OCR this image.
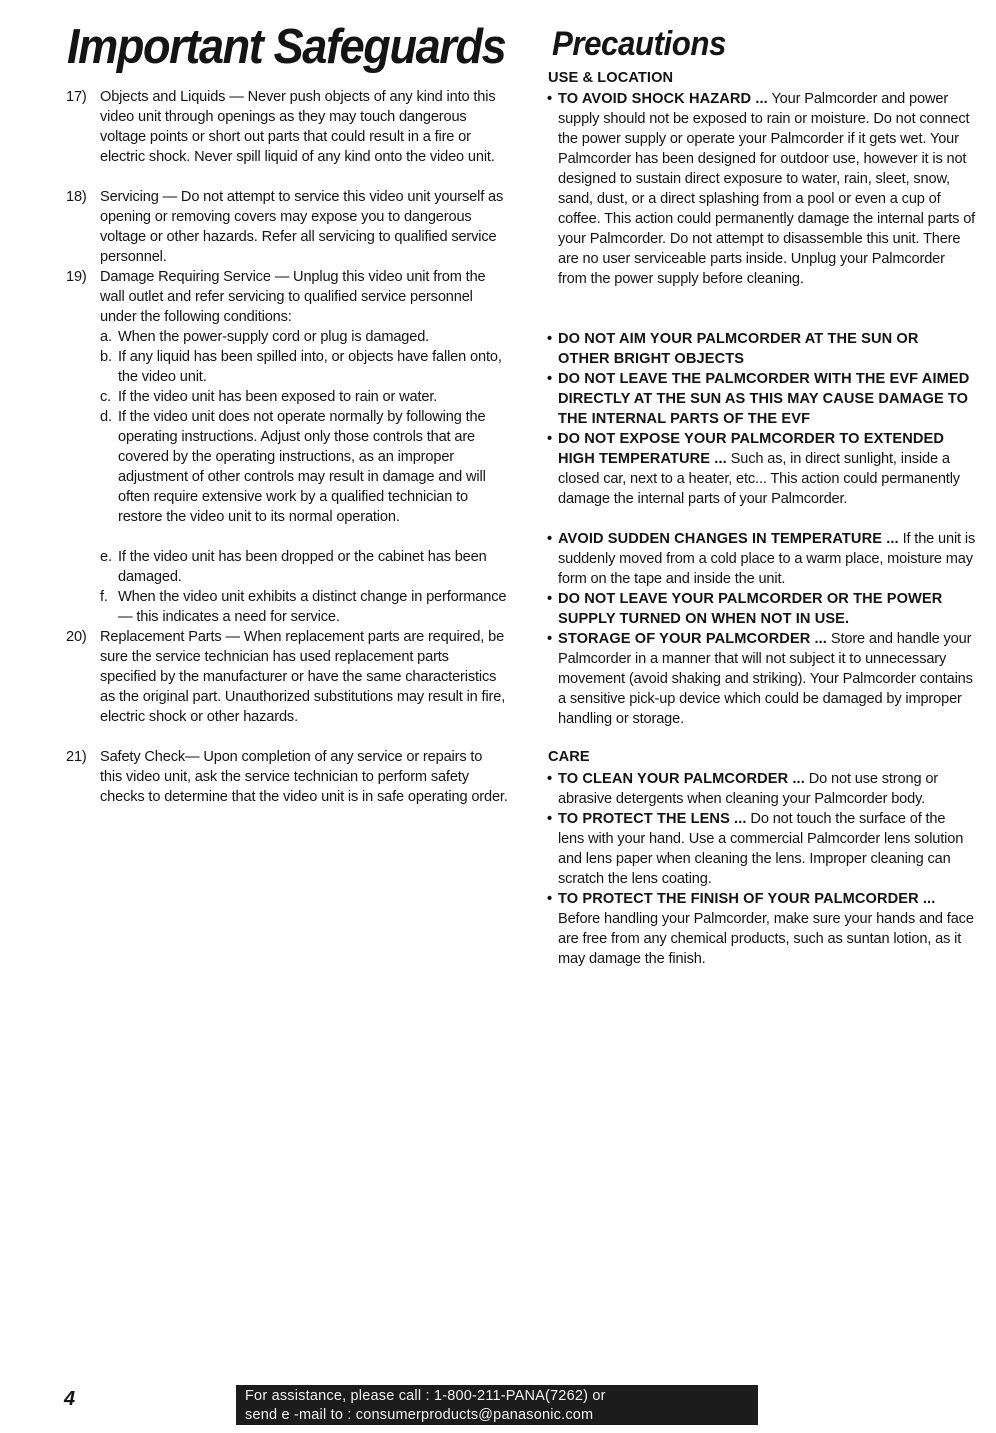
Important Safeguards
17) Objects and Liquids — Never push objects of any kind into this video unit through openings as they may touch dangerous voltage points or short out parts that could result in a fire or electric shock. Never spill liquid of any kind onto the video unit.
18) Servicing — Do not attempt to service this video unit yourself as opening or removing covers may expose you to dangerous voltage or other hazards. Refer all servicing to qualified service personnel.
19) Damage Requiring Service — Unplug this video unit from the wall outlet and refer servicing to qualified service personnel under the following conditions:
a. When the power-supply cord or plug is damaged.
b. If any liquid has been spilled into, or objects have fallen onto, the video unit.
c. If the video unit has been exposed to rain or water.
d. If the video unit does not operate normally by following the operating instructions. Adjust only those controls that are covered by the operating instructions, as an improper adjustment of other controls may result in damage and will often require extensive work by a qualified technician to restore the video unit to its normal operation.
e. If the video unit has been dropped or the cabinet has been damaged.
f. When the video unit exhibits a distinct change in performance — this indicates a need for service.
20) Replacement Parts — When replacement parts are required, be sure the service technician has used replacement parts specified by the manufacturer or have the same characteristics as the original part. Unauthorized substitutions may result in fire, electric shock or other hazards.
21) Safety Check— Upon completion of any service or repairs to this video unit, ask the service technician to perform safety checks to determine that the video unit is in safe operating order.
Precautions
USE & LOCATION
• TO AVOID SHOCK HAZARD ... Your Palmcorder and power supply should not be exposed to rain or moisture. Do not connect the power supply or operate your Palmcorder if it gets wet. Your Palmcorder has been designed for outdoor use, however it is not designed to sustain direct exposure to water, rain, sleet, snow, sand, dust, or a direct splashing from a pool or even a cup of coffee. This action could permanently damage the internal parts of your Palmcorder. Do not attempt to disassemble this unit. There are no user serviceable parts inside. Unplug your Palmcorder from the power supply before cleaning.
• DO NOT AIM YOUR PALMCORDER AT THE SUN OR OTHER BRIGHT OBJECTS
• DO NOT LEAVE THE PALMCORDER WITH THE EVF AIMED DIRECTLY AT THE SUN AS THIS MAY CAUSE DAMAGE TO THE INTERNAL PARTS OF THE EVF
• DO NOT EXPOSE YOUR PALMCORDER TO EXTENDED HIGH TEMPERATURE ... Such as, in direct sunlight, inside a closed car, next to a heater, etc... This action could permanently damage the internal parts of your Palmcorder.
• AVOID SUDDEN CHANGES IN TEMPERATURE ... If the unit is suddenly moved from a cold place to a warm place, moisture may form on the tape and inside the unit.
• DO NOT LEAVE YOUR PALMCORDER OR THE POWER SUPPLY TURNED ON WHEN NOT IN USE.
• STORAGE OF YOUR PALMCORDER ... Store and handle your Palmcorder in a manner that will not subject it to unnecessary movement (avoid shaking and striking). Your Palmcorder contains a sensitive pick-up device which could be damaged by improper handling or storage.
CARE
• TO CLEAN YOUR PALMCORDER ... Do not use strong or abrasive detergents when cleaning your Palmcorder body.
• TO PROTECT THE LENS ... Do not touch the surface of the lens with your hand. Use a commercial Palmcorder lens solution and lens paper when cleaning the lens. Improper cleaning can scratch the lens coating.
• TO PROTECT THE FINISH OF YOUR PALMCORDER ... Before handling your Palmcorder, make sure your hands and face are free from any chemical products, such as suntan lotion, as it may damage the finish.
4	For assistance, please call : 1-800-211-PANA(7262) or
send e -mail to : consumerproducts@panasonic.com
